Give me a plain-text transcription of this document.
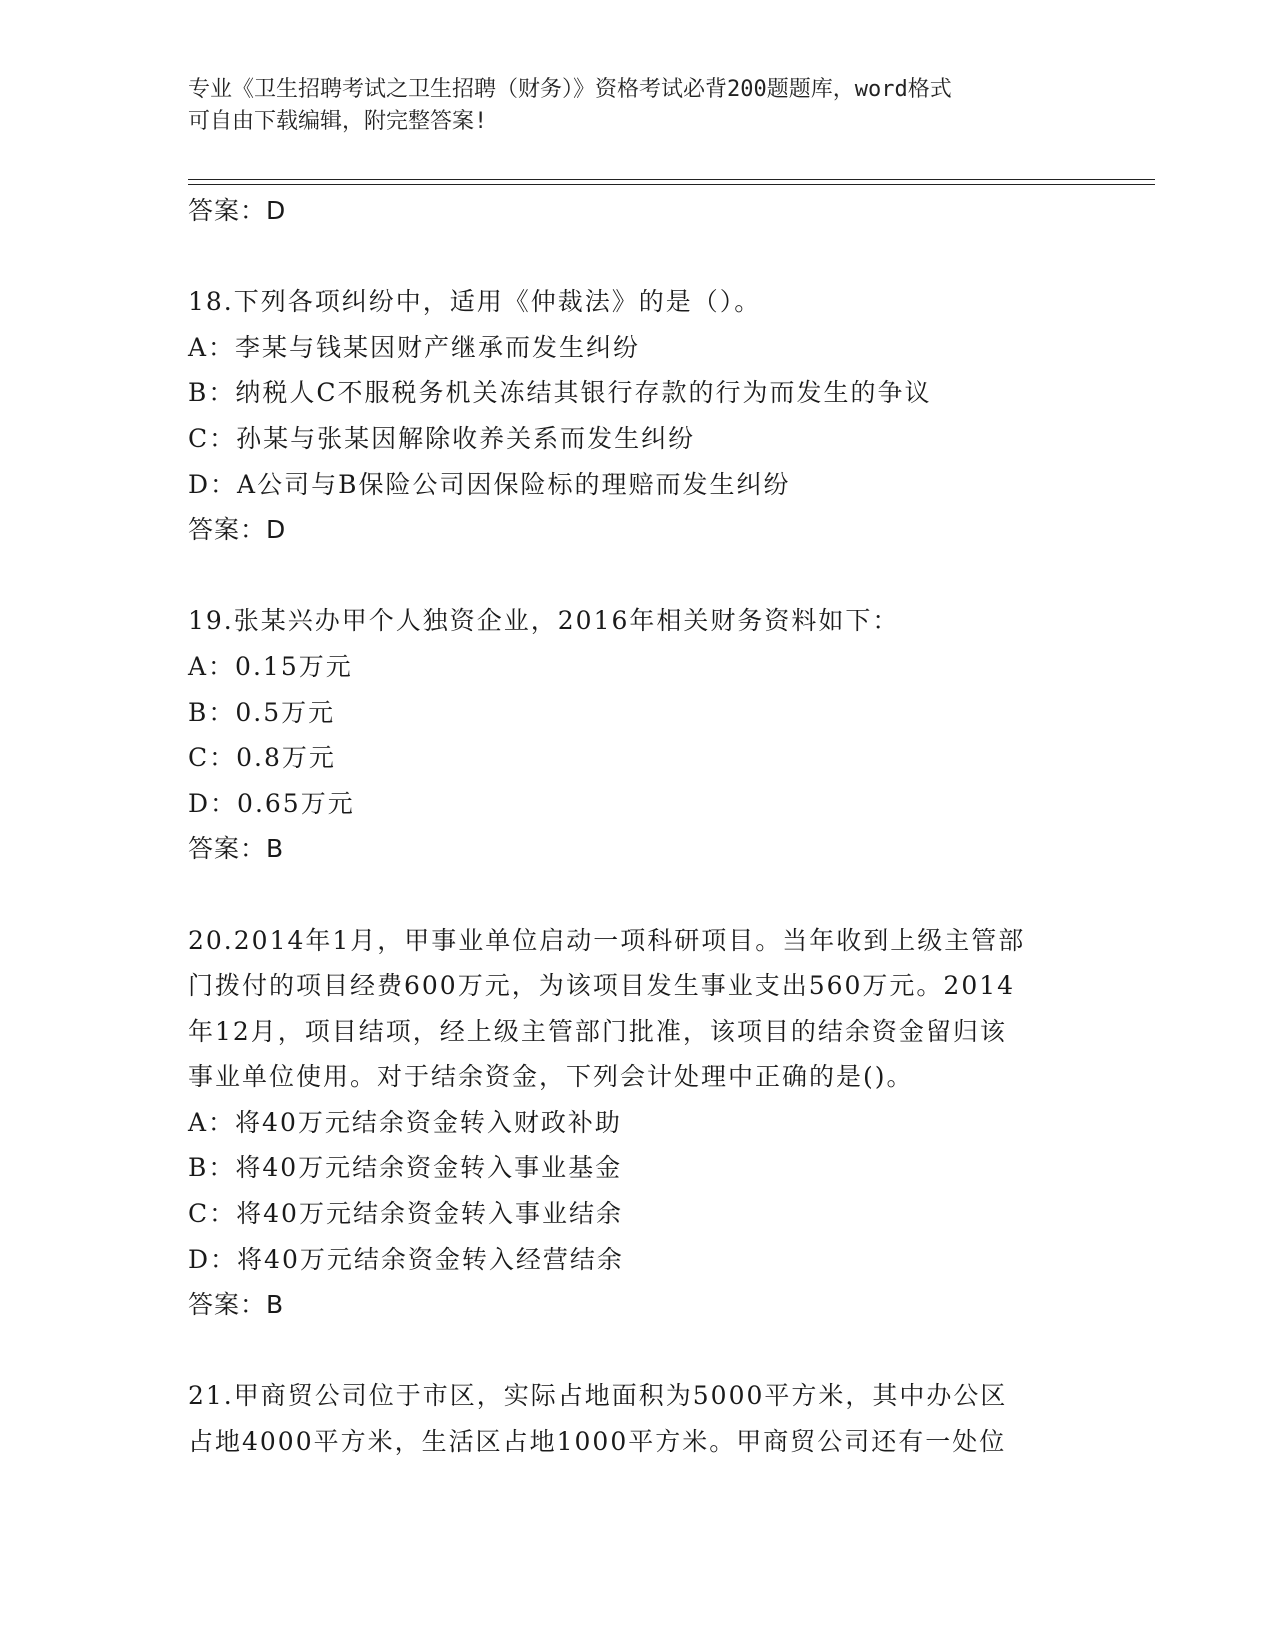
专业《卫生招聘考试之卫生招聘（财务）》资格考试必背200题题库，word格式
可自由下载编辑，附完整答案!
答案：D
18.下列各项纠纷中，适用《仲裁法》的是（）。
A：李某与钱某因财产继承而发生纠纷
B：纳税人C不服税务机关冻结其银行存款的行为而发生的争议
C：孙某与张某因解除收养关系而发生纠纷
D：A公司与B保险公司因保险标的理赔而发生纠纷
答案：D
19.张某兴办甲个人独资企业，2016年相关财务资料如下：
A：0.15万元
B：0.5万元
C：0.8万元
D：0.65万元
答案：B
20.2014年1月，甲事业单位启动一项科研项目。当年收到上级主管部
门拨付的项目经费600万元，为该项目发生事业支出560万元。2014
年12月，项目结项，经上级主管部门批准，该项目的结余资金留归该
事业单位使用。对于结余资金，下列会计处理中正确的是()。
A：将40万元结余资金转入财政补助
B：将40万元结余资金转入事业基金
C：将40万元结余资金转入事业结余
D：将40万元结余资金转入经营结余
答案：B
21.甲商贸公司位于市区，实际占地面积为5000平方米，其中办公区
占地4000平方米，生活区占地1000平方米。甲商贸公司还有一处位
